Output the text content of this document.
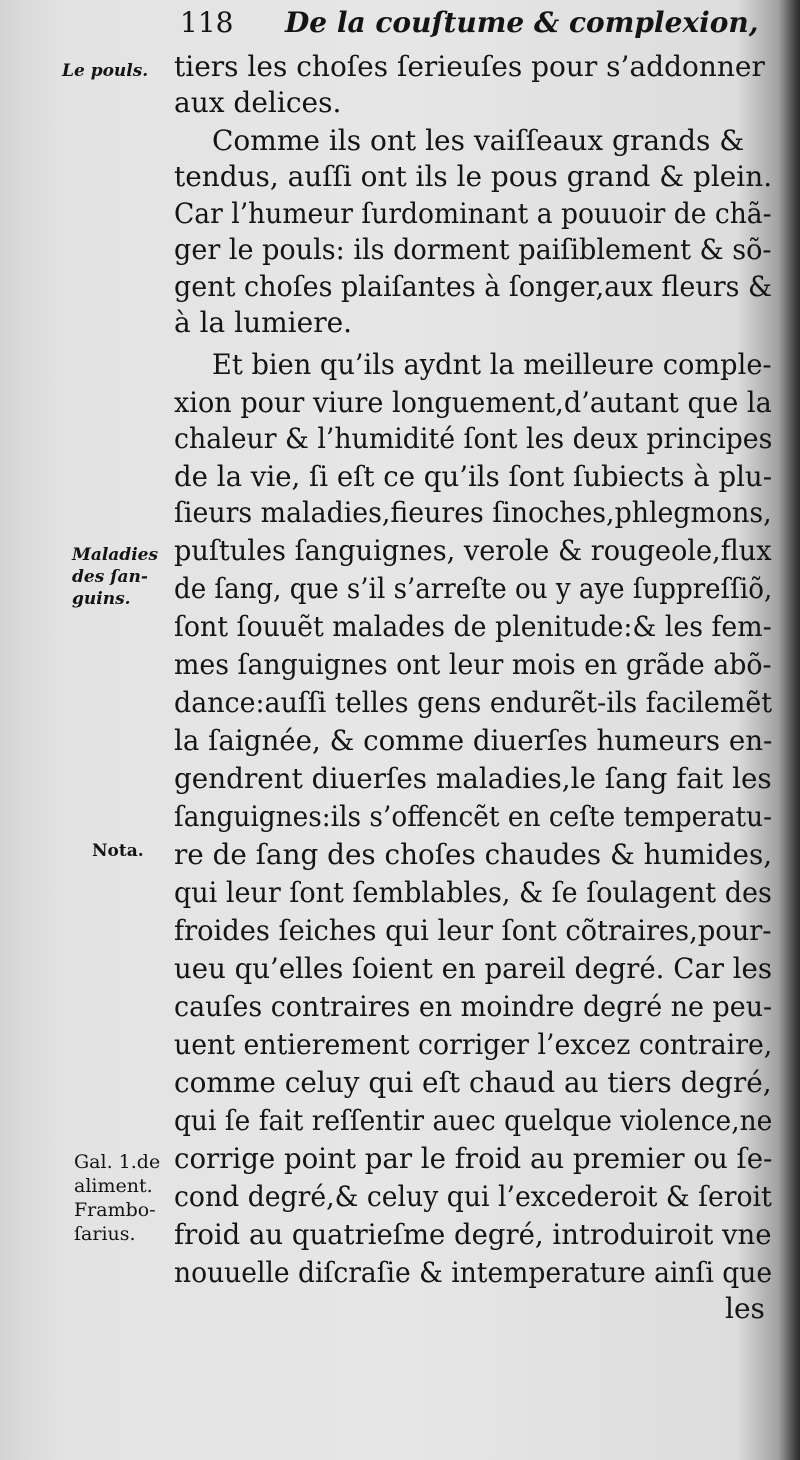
118 De la couſtume & complexion,
Le pouls.
Maladies des ſan-guins.
Nota.
Gal. 1.de aliment. Frambo-ſarius.
tiers les choſes ſerieuſes pour s’addonner
aux delices.
Comme ils ont les vaiſſeaux grands &
tendus, auſſi ont ils le pous grand & plein.
Car l’humeur ſurdominant a pouuoir de chã-
ger le pouls: ils dorment paiſiblement & sõ-
gent choſes plaiſantes à ſonger,aux fleurs &
à la lumiere.
Et bien qu’ils aydnt la meilleure comple-
xion pour viure longuement,d’autant que la
chaleur & l’humidité ſont les deux principes
de la vie, ſi eſt ce qu’ils ſont ſubiects à plu-
ſieurs maladies,fieures ſinoches,phlegmons,
puſtules ſanguignes, verole & rougeole,flux
de ſang, que s’il s’arreſte ou y aye ſuppreſſiõ,
ſont ſouuẽt malades de plenitude:& les fem-
mes ſanguignes ont leur mois en grãde abõ-
dance:auſſi telles gens endurẽt-ils facilemẽt
la ſaignée, & comme diuerſes humeurs en-
gendrent diuerſes maladies,le ſang fait les
ſanguignes:ils s’offencẽt en ceſte temperatu-
re de ſang des choſes chaudes & humides,
qui leur ſont ſemblables, & ſe ſoulagent des
froides ſeiches qui leur ſont cõtraires,pour-
ueu qu’elles ſoient en pareil degré. Car les
cauſes contraires en moindre degré ne peu-
uent entierement corriger l’excez contraire,
comme celuy qui eſt chaud au tiers degré,
qui ſe fait reſſentir auec quelque violence,ne
corrige point par le froid au premier ou ſe-
cond degré,& celuy qui l’excederoit & ſeroit
froid au quatrieſme degré, introduiroit vne
nouuelle diſcraſie & intemperature ainſi que
les
